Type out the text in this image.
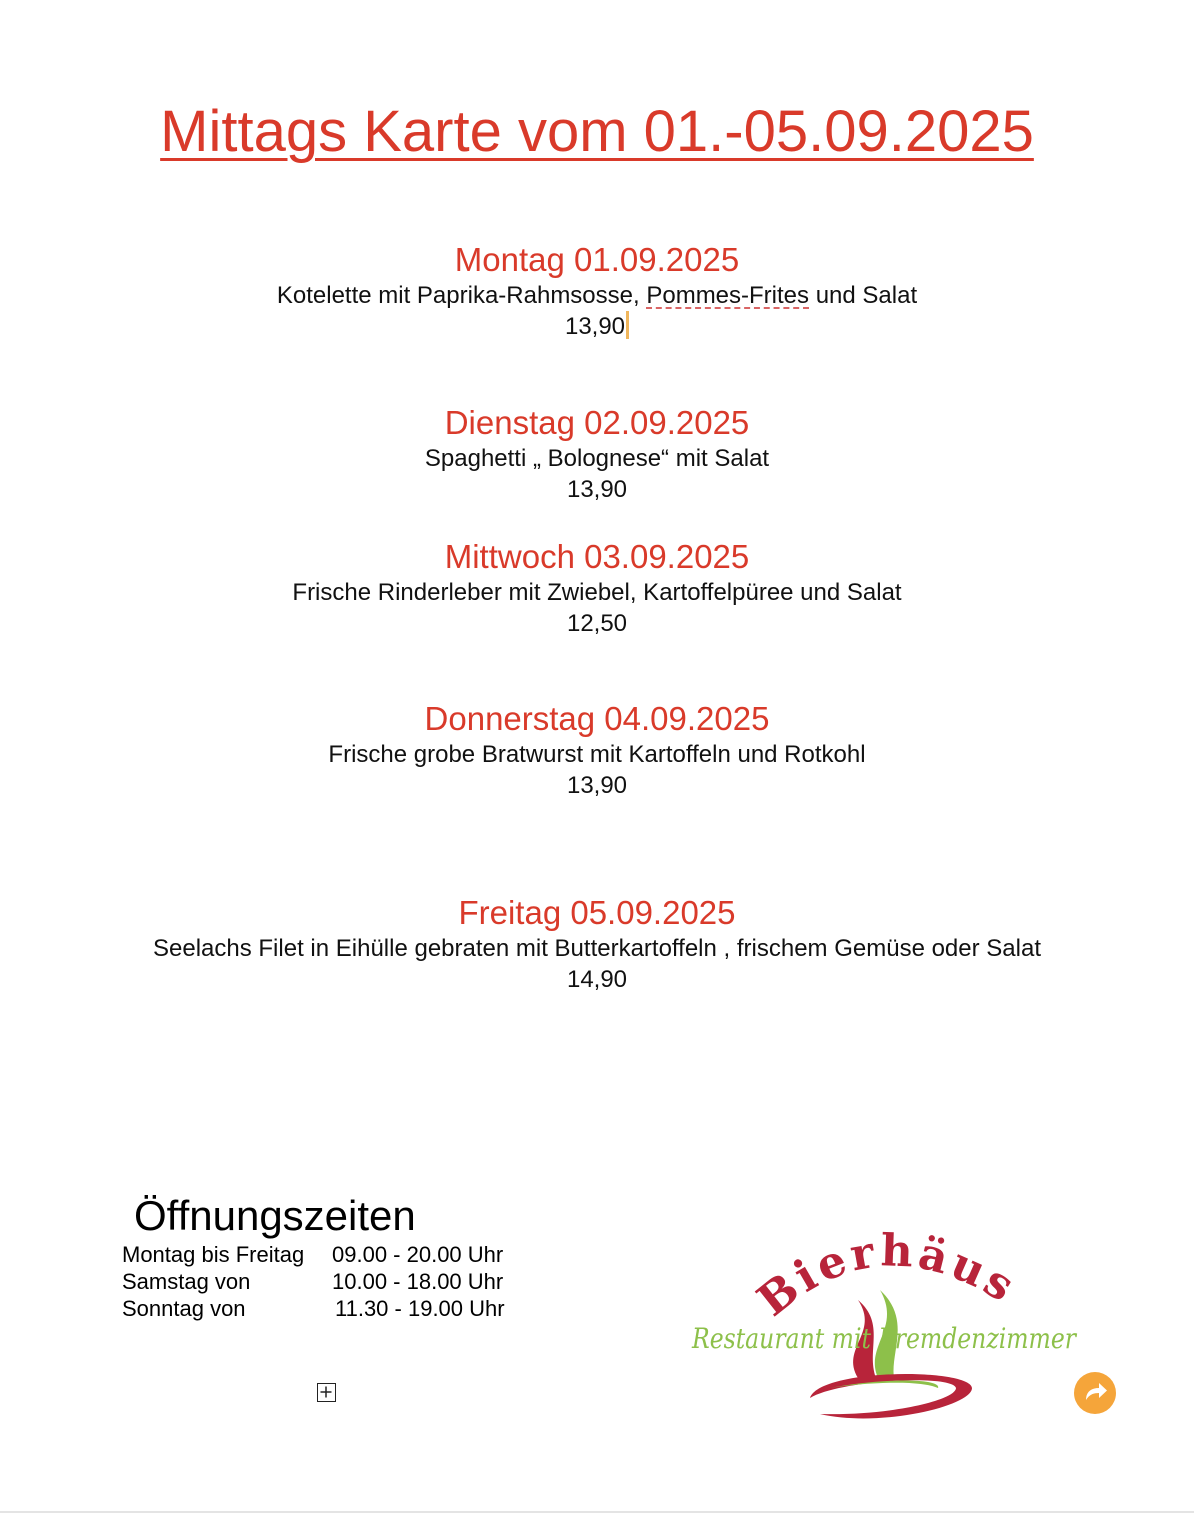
Mittags Karte vom 01.-05.09.2025
Montag 01.09.2025

Kotelette mit Paprika-Rahmsosse, Pommes-Frites und Salat

13,90

Dienstag 02.09.2025

Spaghetti „ Bolognese“ mit Salat

13,90

Mittwoch 03.09.2025

Frische Rinderleber mit Zwiebel, Kartoffelpüree und Salat

12,50

Donnerstag 04.09.2025

Frische grobe Bratwurst mit Kartoffeln und Rotkohl

13,90

Freitag 05.09.2025

Seelachs Filet in Eihülle gebraten mit Butterkartoffeln , frischem Gemüse oder Salat

14,90

Öffnungszeiten
Montag bis Freitag 09.00 - 20.00 Uhr
Samstag von	10.00 - 18.00 Uhr
Sonntag von	11.30 - 19.00 Uhr	Bierhäus
Restaurant mit Fremdenzimmer
